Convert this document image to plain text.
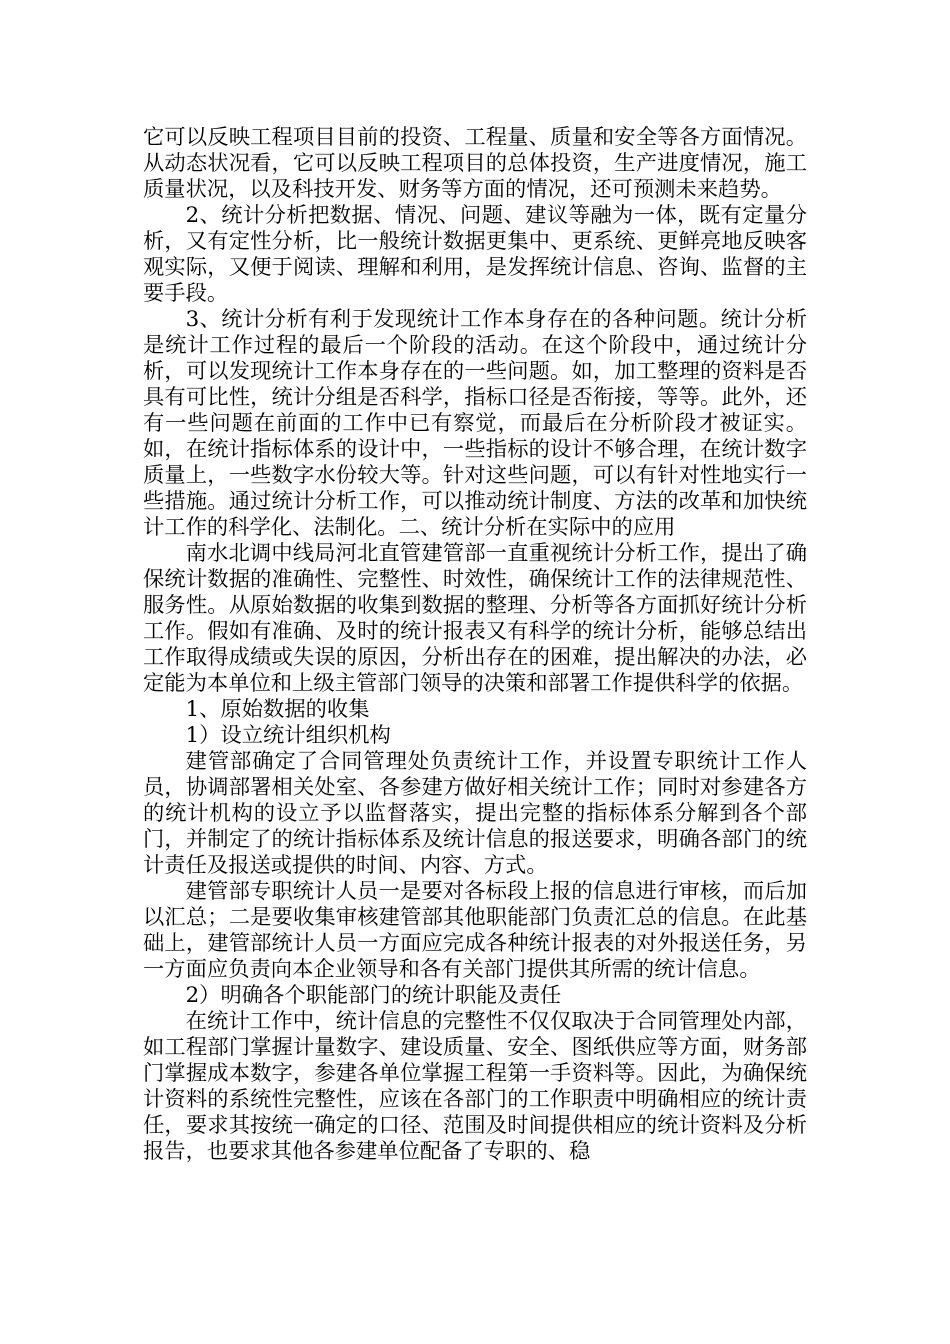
它可以反映工程项目目前的投资、工程量、质量和安全等各方面情况。从动态状况看，它可以反映工程项目的总体投资，生产进度情况，施工质量状况，以及科技开发、财务等方面的情况，还可预测未来趋势。

2、统计分析把数据、情况、问题、建议等融为一体，既有定量分析，又有定性分析，比一般统计数据更集中、更系统、更鲜亮地反映客观实际，又便于阅读、理解和利用，是发挥统计信息、咨询、监督的主要手段。

3、统计分析有利于发现统计工作本身存在的各种问题。统计分析是统计工作过程的最后一个阶段的活动。在这个阶段中，通过统计分析，可以发现统计工作本身存在的一些问题。如，加工整理的资料是否具有可比性，统计分组是否科学，指标口径是否衔接，等等。此外，还有一些问题在前面的工作中已有察觉，而最后在分析阶段才被证实。如，在统计指标体系的设计中，一些指标的设计不够合理，在统计数字质量上，一些数字水份较大等。针对这些问题，可以有针对性地实行一些措施。通过统计分析工作，可以推动统计制度、方法的改革和加快统计工作的科学化、法制化。二、统计分析在实际中的应用

南水北调中线局河北直管建管部一直重视统计分析工作，提出了确保统计数据的准确性、完整性、时效性，确保统计工作的法律规范性、服务性。从原始数据的收集到数据的整理、分析等各方面抓好统计分析工作。假如有准确、及时的统计报表又有科学的统计分析，能够总结出工作取得成绩或失误的原因，分析出存在的困难，提出解决的办法，必定能为本单位和上级主管部门领导的决策和部署工作提供科学的依据。

1、原始数据的收集

1）设立统计组织机构

建管部确定了合同管理处负责统计工作，并设置专职统计工作人员，协调部署相关处室、各参建方做好相关统计工作；同时对参建各方的统计机构的设立予以监督落实，提出完整的指标体系分解到各个部门，并制定了的统计指标体系及统计信息的报送要求，明确各部门的统计责任及报送或提供的时间、内容、方式。

建管部专职统计人员一是要对各标段上报的信息进行审核，而后加以汇总；二是要收集审核建管部其他职能部门负责汇总的信息。在此基础上，建管部统计人员一方面应完成各种统计报表的对外报送任务，另一方面应负责向本企业领导和各有关部门提供其所需的统计信息。

2）明确各个职能部门的统计职能及责任

在统计工作中，统计信息的完整性不仅仅取决于合同管理处内部，如工程部门掌握计量数字、建设质量、安全、图纸供应等方面，财务部门掌握成本数字，参建各单位掌握工程第一手资料等。因此，为确保统计资料的系统性完整性，应该在各部门的工作职责中明确相应的统计责任，要求其按统一确定的口径、范围及时间提供相应的统计资料及分析报告，也要求其他各参建单位配备了专职的、稳
